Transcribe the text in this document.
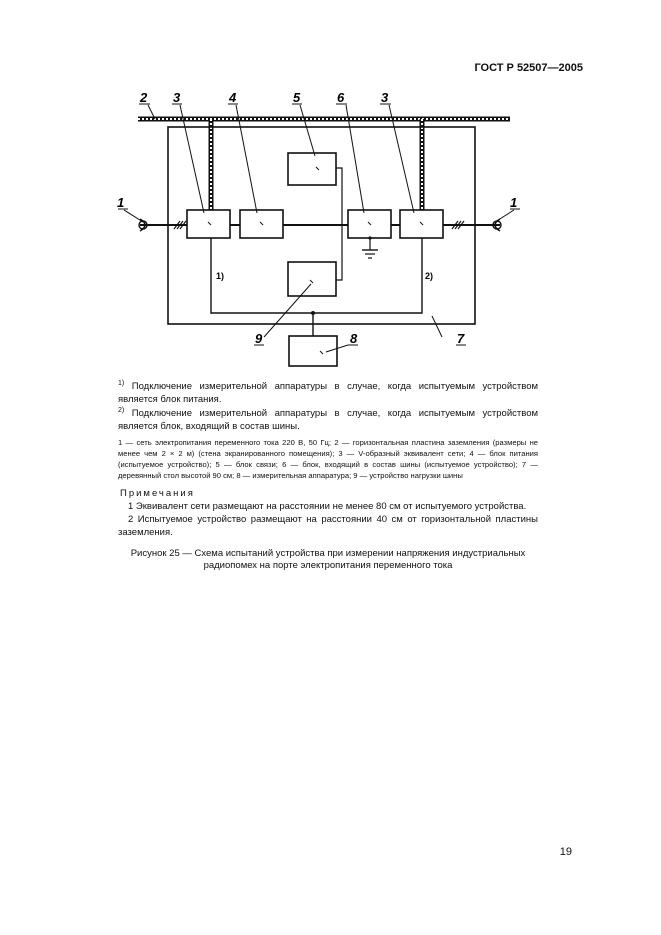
ГОСТ Р 52507—2005
1	1
2 3	4	5	6	3
7
9	8
1)	2)
$^{1)}$ Подключение измерительной аппаратуры в случае, когда испытуемым устройством является блок питания.
$^{2)}$ Подключение измерительной аппаратуры в случае, когда испытуемым устройством является блок, входящий в состав шины.
1 — сеть электропитания переменного тока 220 В, 50 Гц; 2 — горизонтальная пластина заземления (размеры не менее чем 2 × 2 м) (стена экранированного помещения); 3 — V-образный эквивалент сети; 4 — блок питания (испытуемое устройство); 5 — блок связи; 6 — блок, входящий в состав шины (испытуемое устройство); 7 — деревянный стол высотой 90 см; 8 — измерительная аппаратура; 9 — устройство нагрузки шины
Примечания
1 Эквивалент сети размещают на расстоянии не менее 80 см от испытуемого устройства.
2 Испытуемое устройство размещают на расстоянии 40 см от горизонтальной пластины заземления.
Рисунок 25 — Схема испытаний устройства при измерении напряжения индустриальных радиопомех на порте электропитания переменного тока
19
